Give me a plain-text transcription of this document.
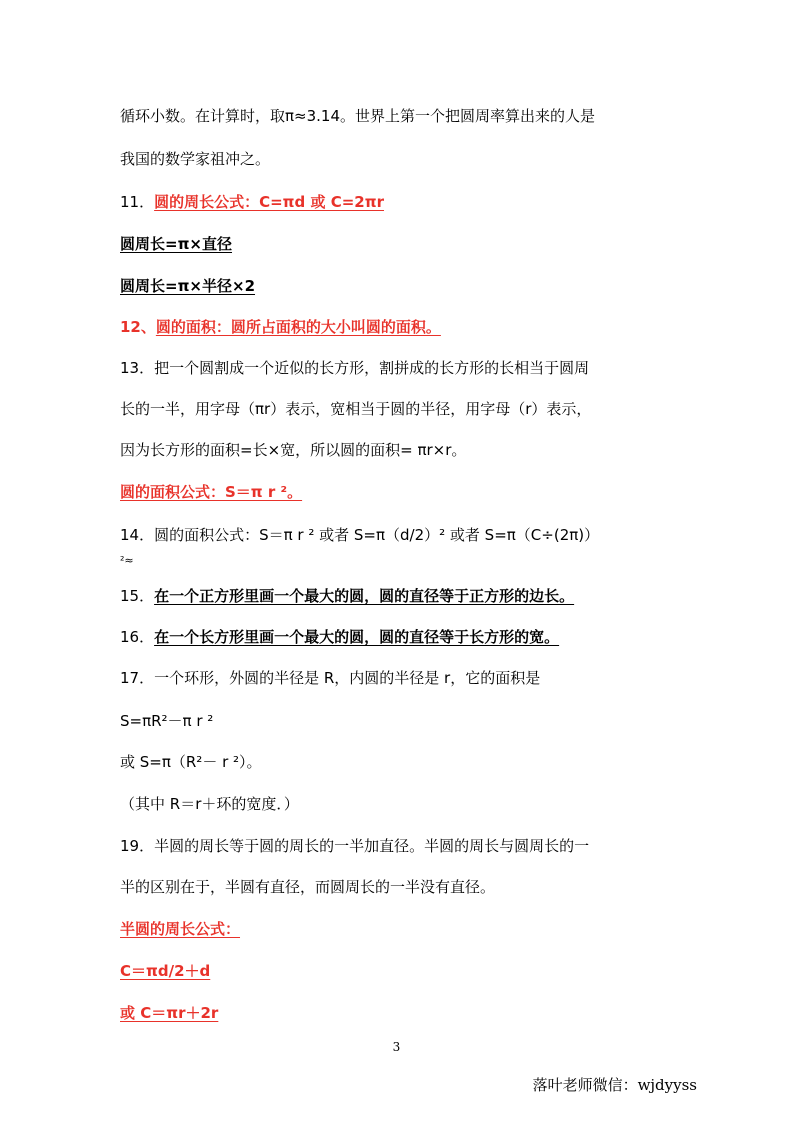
循环小数。在计算时，取π≈3.14。世界上第一个把圆周率算出来的人是
我国的数学家祖冲之。
11．圆的周长公式：C=πd 或 C=2πr
圆周长=π×直径
圆周长=π×半径×2
12、圆的面积：圆所占面积的大小叫圆的面积。
13．把一个圆割成一个近似的长方形，割拼成的长方形的长相当于圆周
长的一半，用字母（πr）表示，宽相当于圆的半径，用字母（r）表示，
因为长方形的面积=长×宽，所以圆的面积= πr×r。
圆的面积公式：S＝π r ²。
14．圆的面积公式：S＝π r ² 或者 S=π（d/2）² 或者 S=π（C÷(2π)）
²≈
15．在一个正方形里画一个最大的圆，圆的直径等于正方形的边长。
16．在一个长方形里画一个最大的圆，圆的直径等于长方形的宽。
17．一个环形，外圆的半径是 R，内圆的半径是 r，它的面积是
S=πR²－π r ²
或 S=π（R²－ r ²）。
（其中 R＝r＋环的宽度．）
19．半圆的周长等于圆的周长的一半加直径。半圆的周长与圆周长的一
半的区别在于，半圆有直径，而圆周长的一半没有直径。
半圆的周长公式：
C＝πd/2＋d
或 C＝πr＋2r
3
落叶老师微信：wjdyyss
